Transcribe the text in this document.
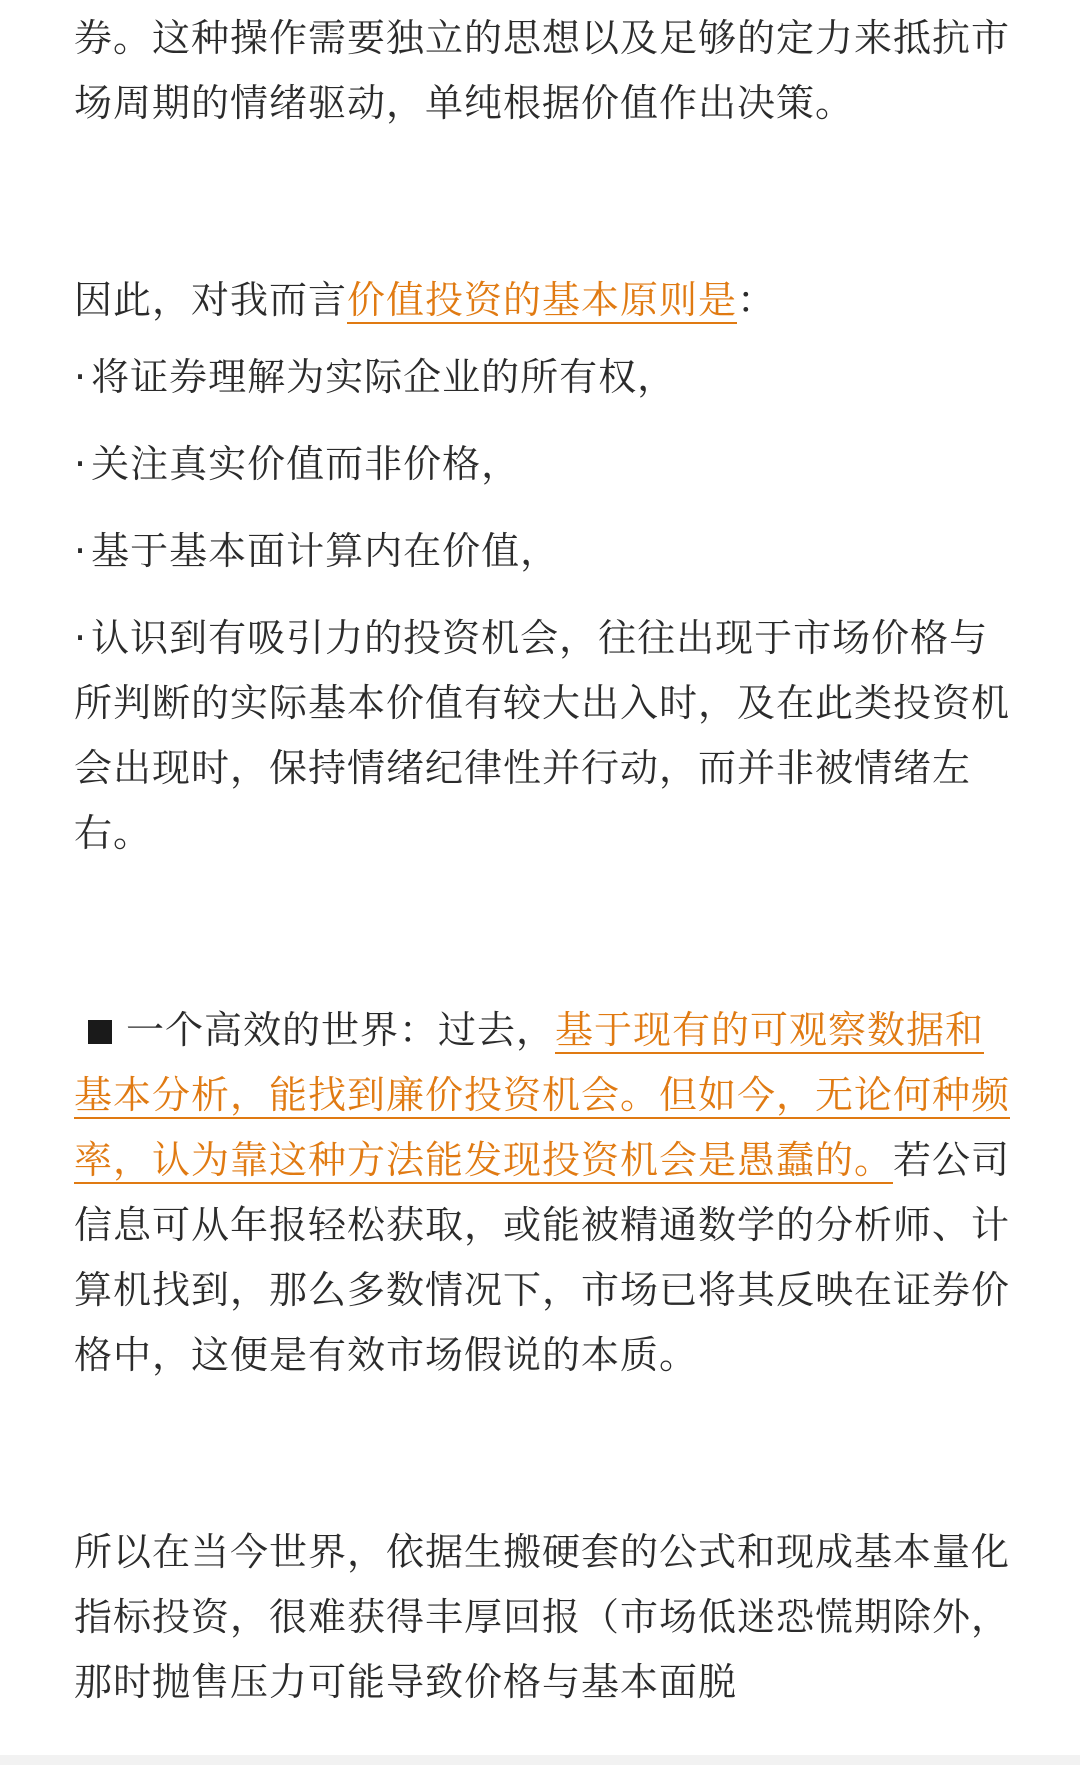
券。这种操作需要独立的思想以及足够的定力来抵抗市场周期的情绪驱动，单纯根据价值作出决策。

因此，对我而言价值投资的基本原则是：

· 将证券理解为实际企业的所有权，

· 关注真实价值而非价格，

· 基于基本面计算内在价值，

· 认识到有吸引力的投资机会，往往出现于市场价格与所判断的实际基本价值有较大出入时，及在此类投资机会出现时，保持情绪纪律性并行动，而并非被情绪左右。

一个高效的世界：过去，基于现有的可观察数据和基本分析，能找到廉价投资机会。但如今，无论何种频率，认为靠这种方法能发现投资机会是愚蠢的。若公司信息可从年报轻松获取，或能被精通数学的分析师、计算机找到，那么多数情况下，市场已将其反映在证券价格中，这便是有效市场假说的本质。

所以在当今世界，依据生搬硬套的公式和现成基本量化指标投资，很难获得丰厚回报（市场低迷恐慌期除外，那时抛售压力可能导致价格与基本面脱
